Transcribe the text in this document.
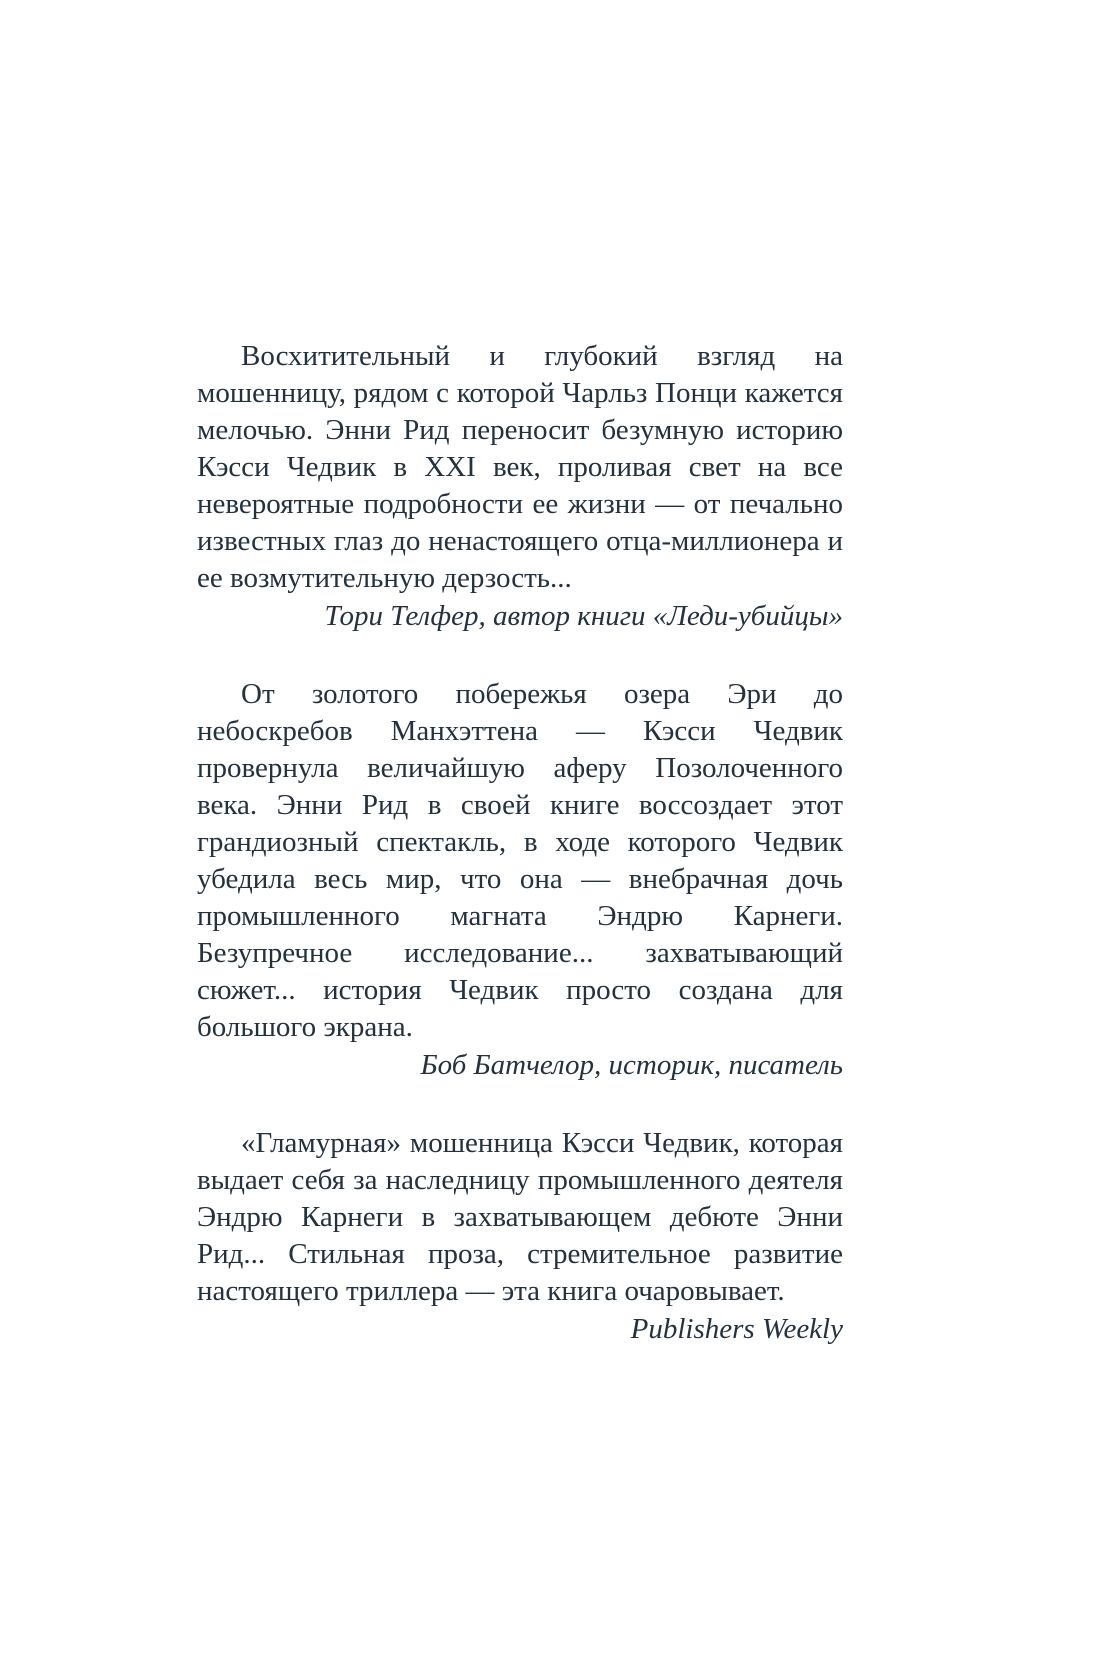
Восхитительный и глубокий взгляд на мошенницу, рядом с которой Чарльз Понци кажется мелочью. Энни Рид переносит безумную историю Кэсси Чедвик в XXI век, проливая свет на все невероятные подробности ее жизни — от печально известных глаз до ненастоящего отца-миллионера и ее возмутительную дерзость...

Тори Телфер, автор книги «Леди-убийцы»

От золотого побережья озера Эри до небоскребов Манхэттена — Кэсси Чедвик провернула величайшую аферу Позолоченного века. Энни Рид в своей книге воссоздает этот грандиозный спектакль, в ходе которого Чедвик убедила весь мир, что она — внебрачная дочь промышленного магната Эндрю Карнеги. Безупречное исследование... захватывающий сюжет... история Чедвик просто создана для большого экрана.

Боб Батчелор, историк, писатель

«Гламурная» мошенница Кэсси Чедвик, которая выдает себя за наследницу промышленного деятеля Эндрю Карнеги в захватывающем дебюте Энни Рид... Стильная проза, стремительное развитие настоящего триллера — эта книга очаровывает.

Publishers Weekly
